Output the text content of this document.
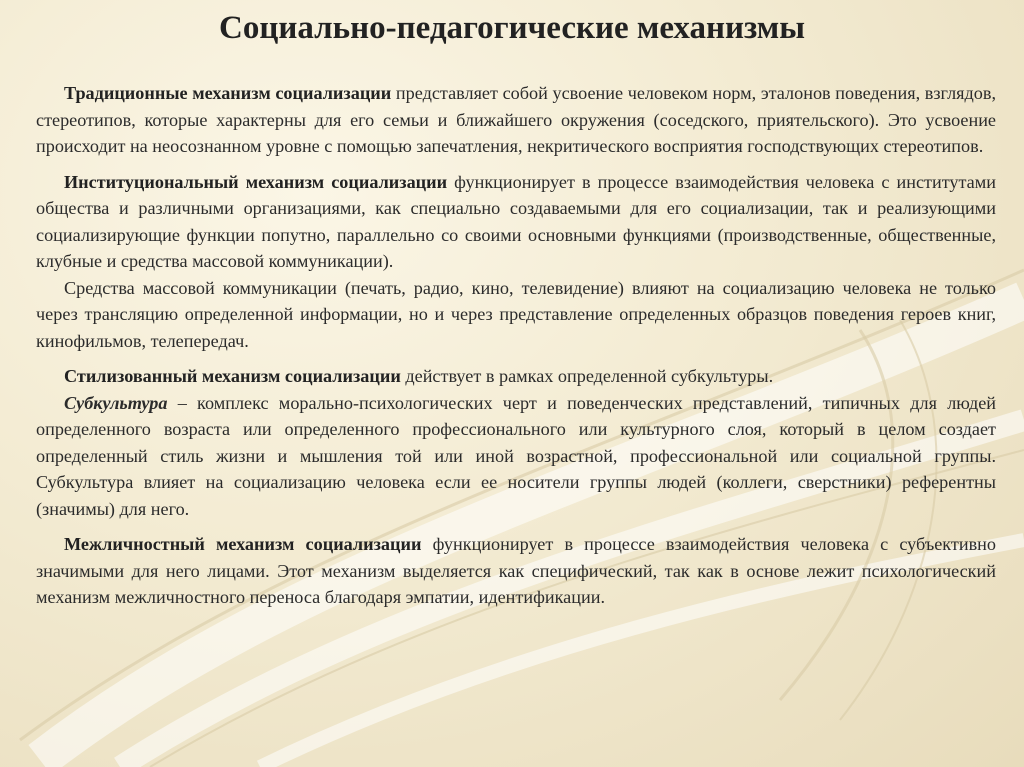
Социально-педагогические механизмы

Традиционные механизм социализации представляет собой усвоение человеком норм, эталонов поведения, взглядов, стереотипов, которые характерны для его семьи и ближайшего окружения (соседского, приятельского). Это усвоение происходит на неосознанном уровне с помощью запечатления, некритического восприятия господствующих стереотипов.

Институциональный механизм социализации функционирует в процессе взаимодействия человека с институтами общества и различными организациями, как специально создаваемыми для его социализации, так и реализующими социализирующие функции попутно, параллельно со своими основными функциями (производственные, общественные, клубные и средства массовой коммуникации).

Средства массовой коммуникации (печать, радио, кино, телевидение) влияют на социализацию человека не только через трансляцию определенной информации, но и через представление определенных образцов поведения героев книг, кинофильмов, телепередач.

Стилизованный механизм социализации действует в рамках определенной субкультуры.

Субкультура – комплекс морально-психологических черт и поведенческих представлений, типичных для людей определенного возраста или определенного профессионального или культурного слоя, который в целом создает определенный стиль жизни и мышления той или иной возрастной, профессиональной или социальной группы. Субкультура влияет на социализацию человека если ее носители группы людей (коллеги, сверстники) референтны (значимы) для него.

Межличностный механизм социализации функционирует в процессе взаимодействия человека с субъективно значимыми для него лицами. Этот механизм выделяется как специфический, так как в основе лежит психологический механизм межличностного переноса благодаря эмпатии, идентификации.
